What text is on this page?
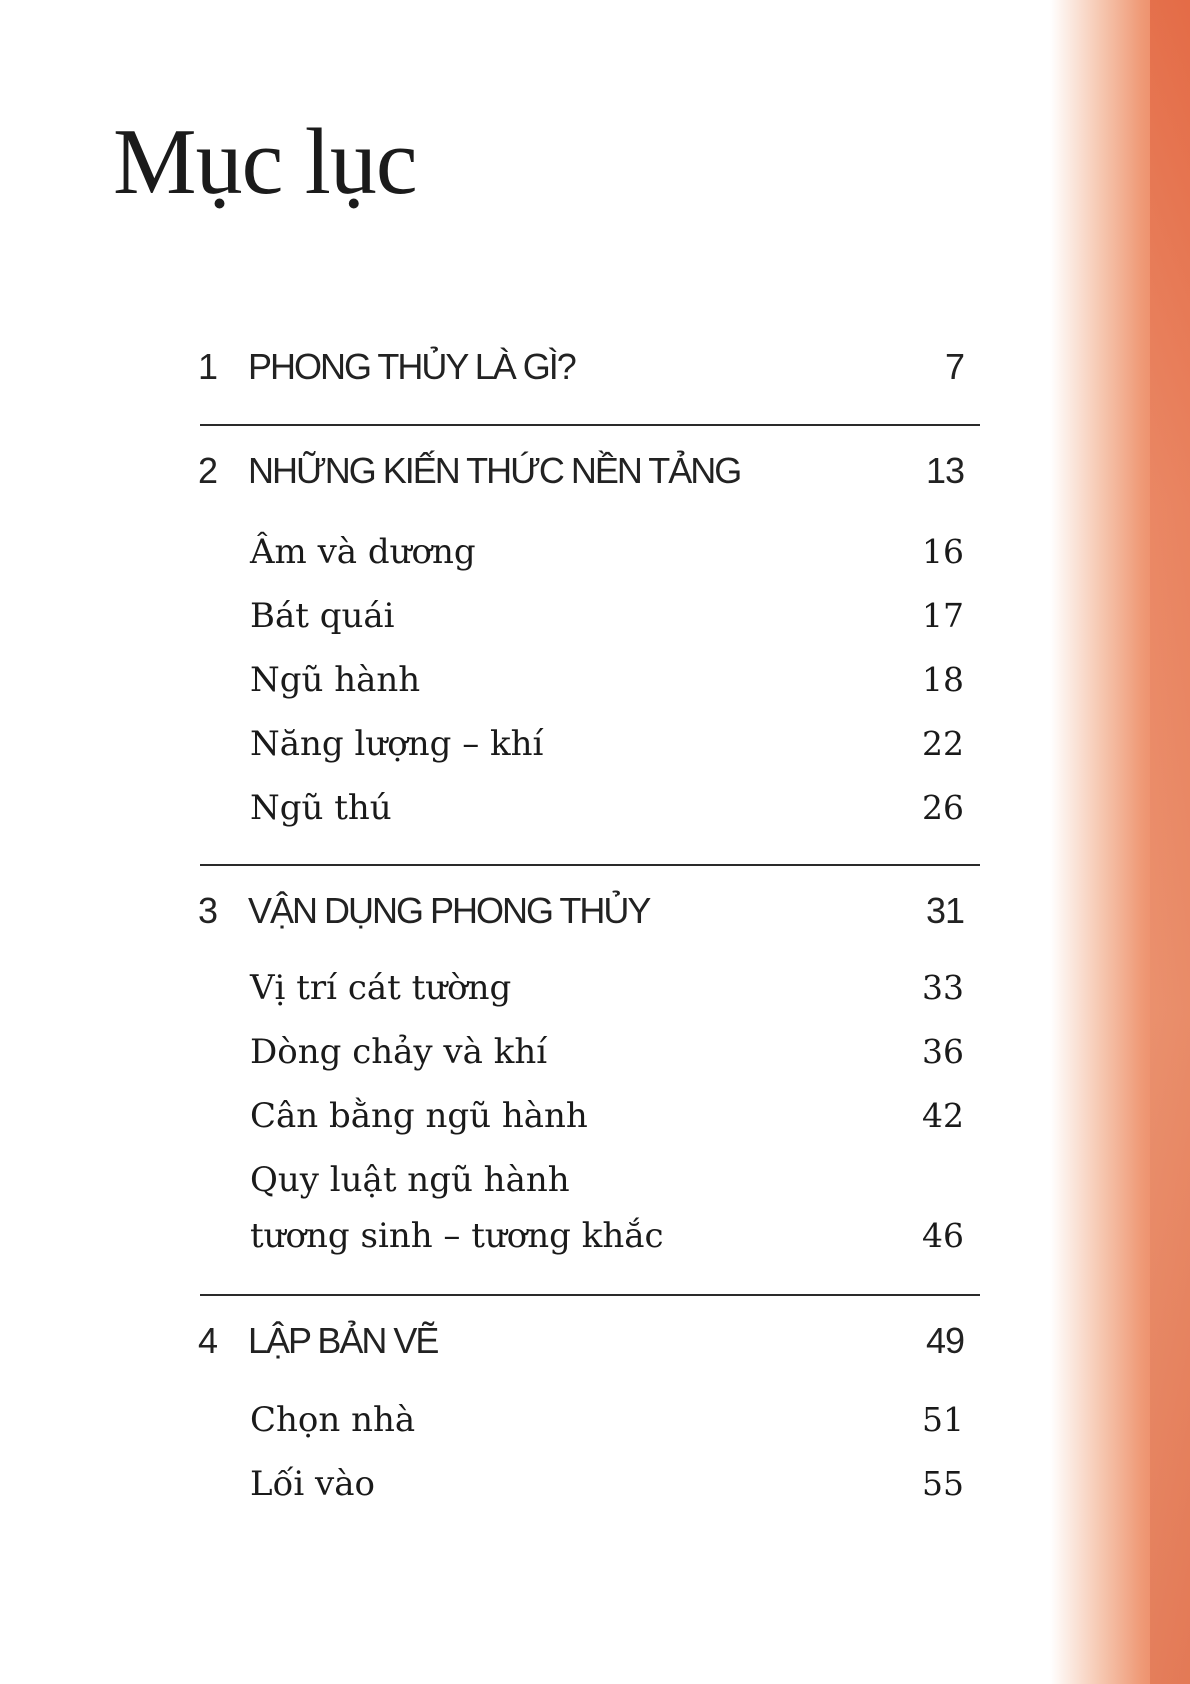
Mục lục
1 PHONG THỦY LÀ GÌ?	7
2 NHỮNG KIẾN THỨC NỀN TẢNG	13
Âm và dương	16
Bát quái	17
Ngũ hành	18
Năng lượng – khí	22
Ngũ thú	26
3 VẬN DỤNG PHONG THỦY	31
Vị trí cát tường	33
Dòng chảy và khí	36
Cân bằng ngũ hành	42
Quy luật ngũ hành
tương sinh – tương khắc	46
4 LẬP BẢN VẼ	49
Chọn nhà	51
Lối vào	55
